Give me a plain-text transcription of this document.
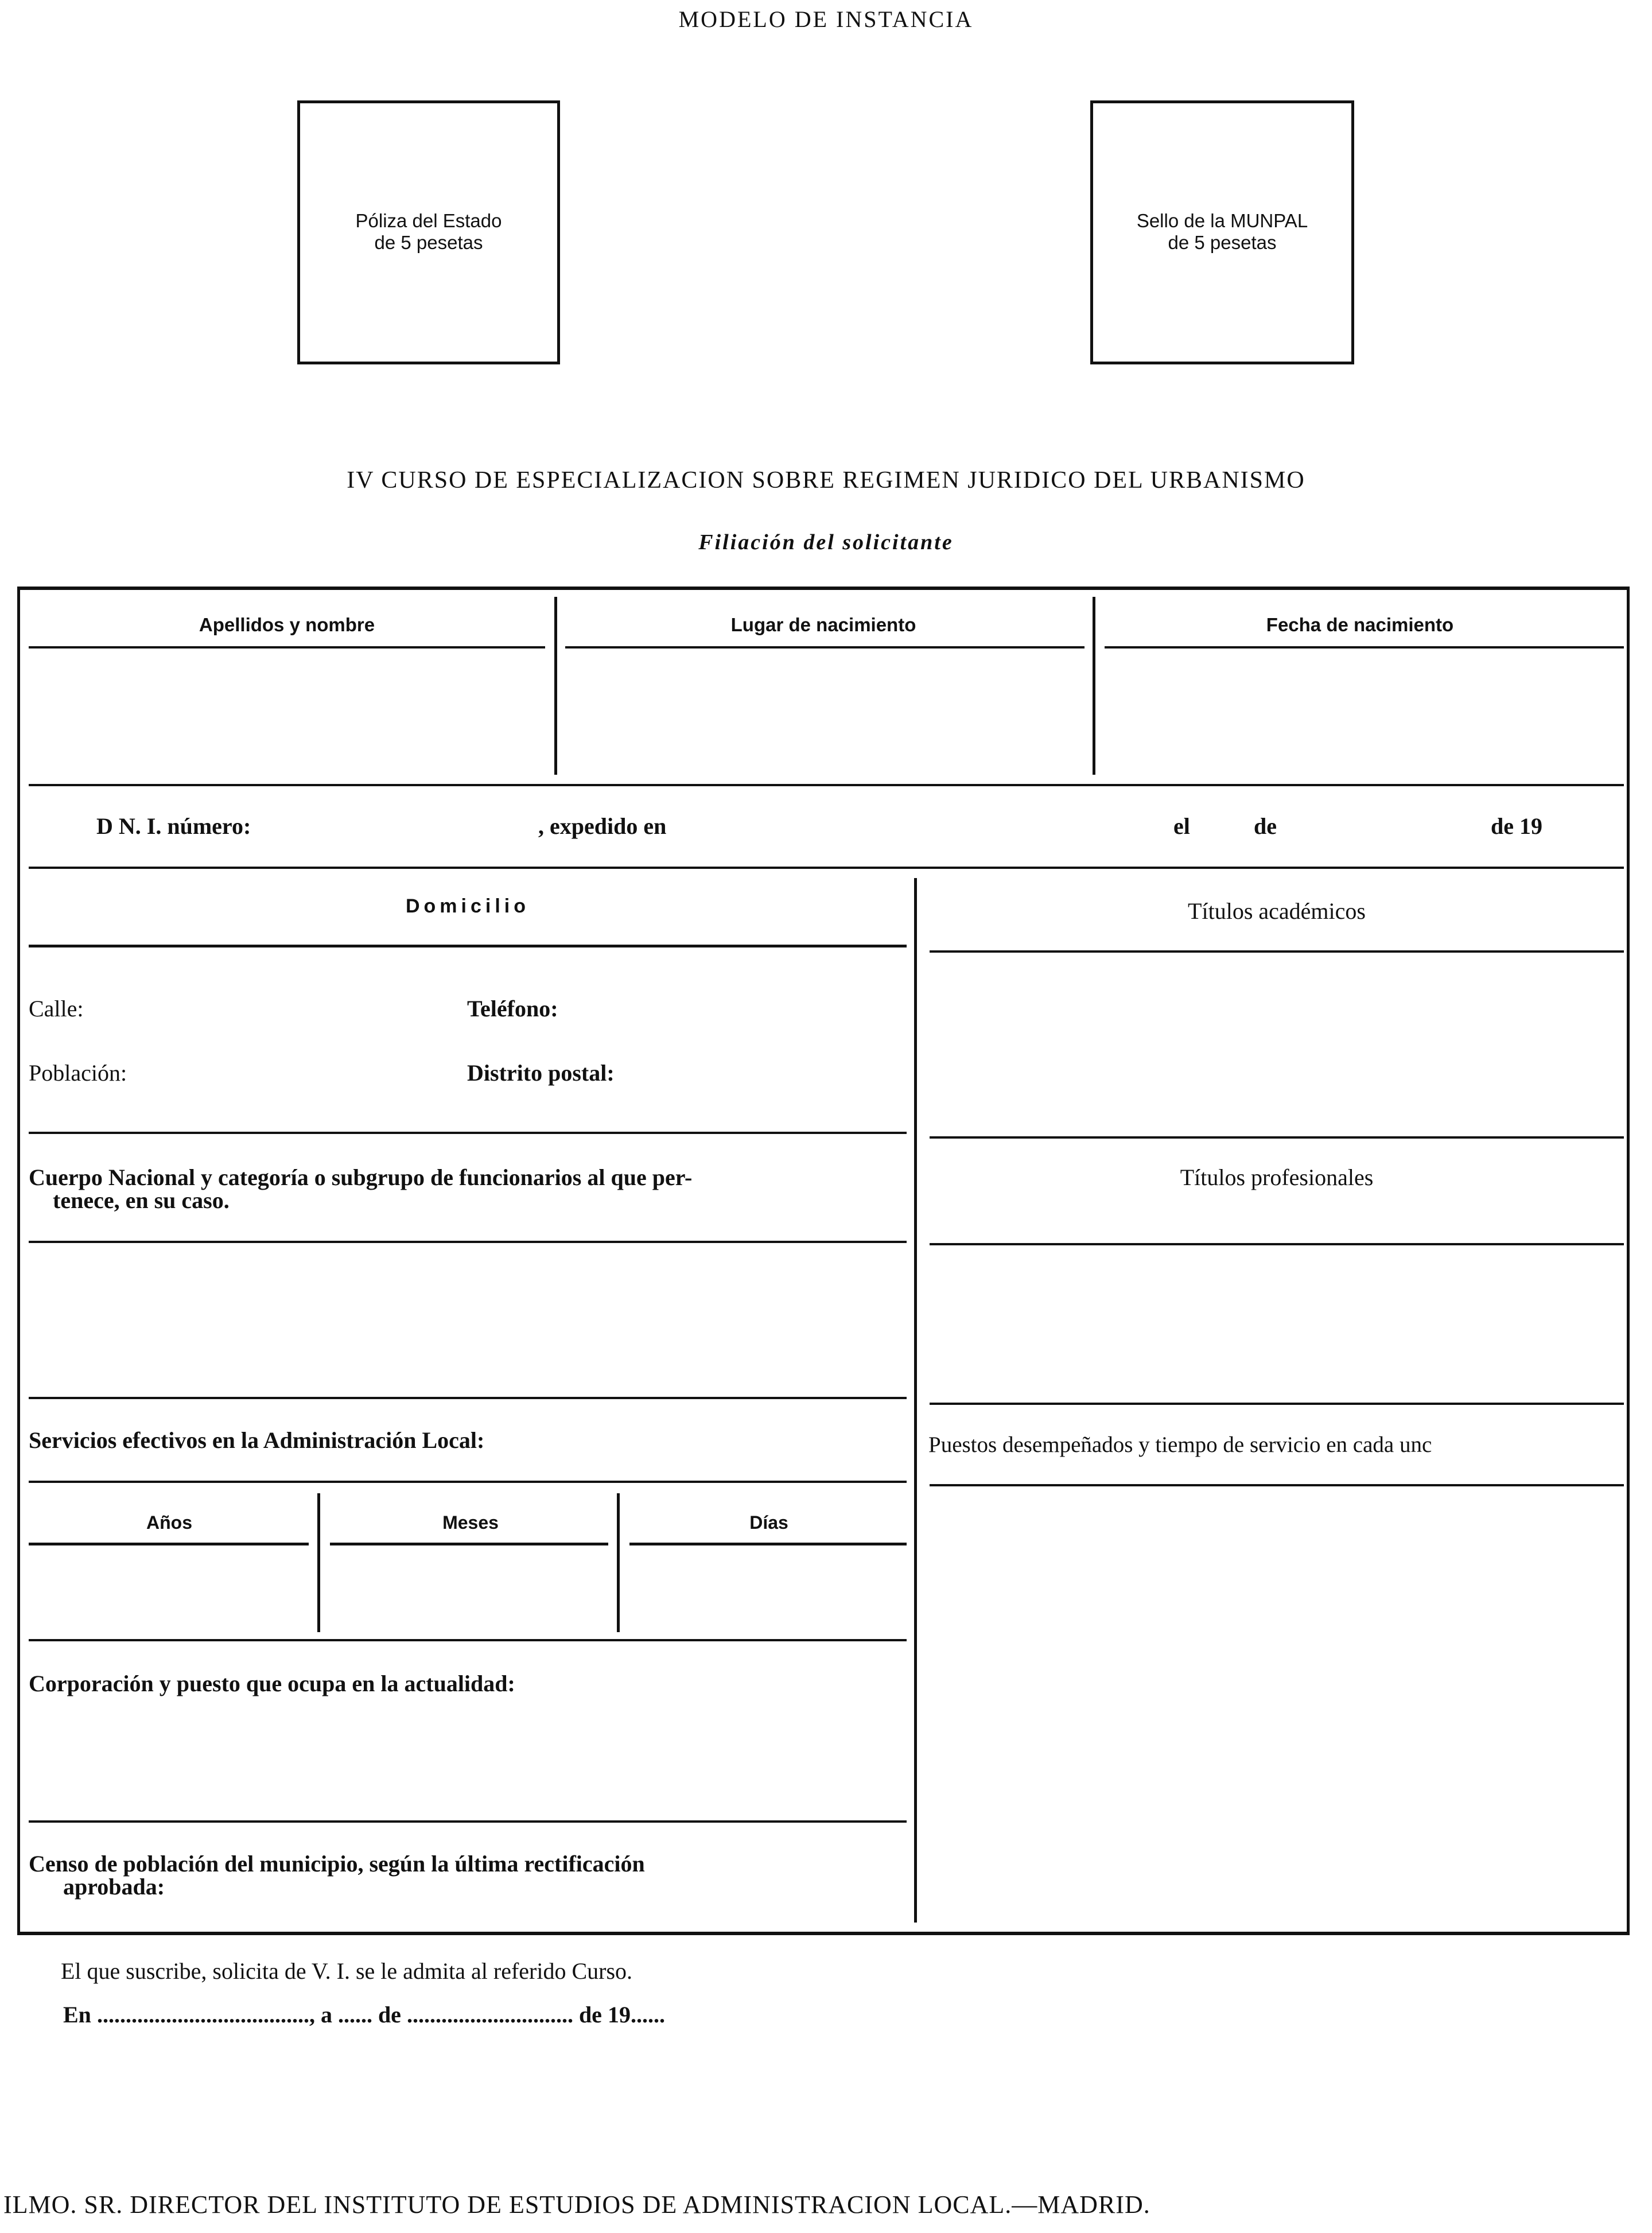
MODELO DE INSTANCIA
Póliza del Estado
de 5 pesetas
Sello de la MUNPAL
de 5 pesetas
IV CURSO DE ESPECIALIZACION SOBRE REGIMEN JURIDICO DEL URBANISMO
Filiación del solicitante
Apellidos y nombre	Lugar de nacimiento	Fecha de nacimiento
D N. I. número:	, expedido en	el	de	de 19
Domicilio
Calle:	Teléfono:
Población:	Distrito postal:
Cuerpo Nacional y categoría o subgrupo de funcionarios al que per-
tenece, en su caso.
Servicios efectivos en la Administración Local:
Años	Meses	Días
Corporación y puesto que ocupa en la actualidad:
Censo de población del municipio, según la última rectificación
aprobada:
Títulos académicos
Títulos profesionales
Puestos desempeñados y tiempo de servicio en cada unc
El que suscribe, solicita de V. I. se le admita al referido Curso.
En ....................................., a ...... de ............................. de 19......
ILMO. SR. DIRECTOR DEL INSTITUTO DE ESTUDIOS DE ADMINISTRACION LOCAL.—MADRID.
